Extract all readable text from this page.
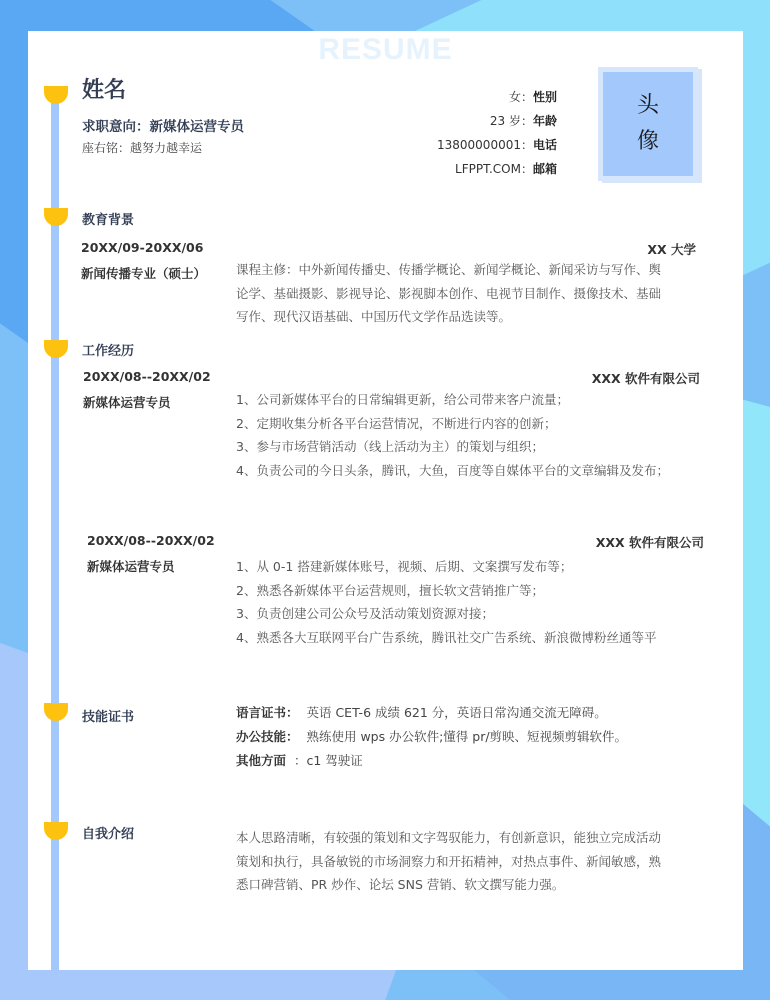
RESUME
姓名
求职意向：新媒体运营专员
座右铭：越努力越幸运
女：性别
23 岁：年龄
13800000001：电话
LFPPT.COM：邮箱
头
像
教育背景
20XX/09-20XX/06	XX 大学
新闻传播专业（硕士） 课程主修：中外新闻传播史、传播学概论、新闻学概论、新闻采访与写作、舆
论学、基础摄影、影视导论、影视脚本创作、电视节目制作、摄像技术、基础
写作、现代汉语基础、中国历代文学作品选读等。
工作经历
20XX/08--20XX/02	XXX 软件有限公司
新媒体运营专员	1、公司新媒体平台的日常编辑更新，给公司带来客户流量；
2、定期收集分析各平台运营情况，不断进行内容的创新；
3、参与市场营销活动（线上活动为主）的策划与组织；
4、负责公司的今日头条，腾讯，大鱼，百度等自媒体平台的文章编辑及发布；
20XX/08--20XX/02	XXX 软件有限公司
新媒体运营专员	1、从 0-1 搭建新媒体账号，视频、后期、文案撰写发布等；
2、熟悉各新媒体平台运营规则，擅长软文营销推广等；
3、负责创建公司公众号及活动策划资源对接；
4、熟悉各大互联网平台广告系统，腾讯社交广告系统、新浪微博粉丝通等平
技能证书	语言证书： 英语 CET-6 成绩 621 分，英语日常沟通交流无障碍。
办公技能： 熟练使用 wps 办公软件;懂得 pr/剪映、短视频剪辑软件。
其他方面 ：c1 驾驶证
自我介绍	本人思路清晰，有较强的策划和文字驾驭能力，有创新意识，能独立完成活动
策划和执行，具备敏锐的市场洞察力和开拓精神，对热点事件、新闻敏感，熟
悉口碑营销、PR 炒作、论坛 SNS 营销、软文撰写能力强。
